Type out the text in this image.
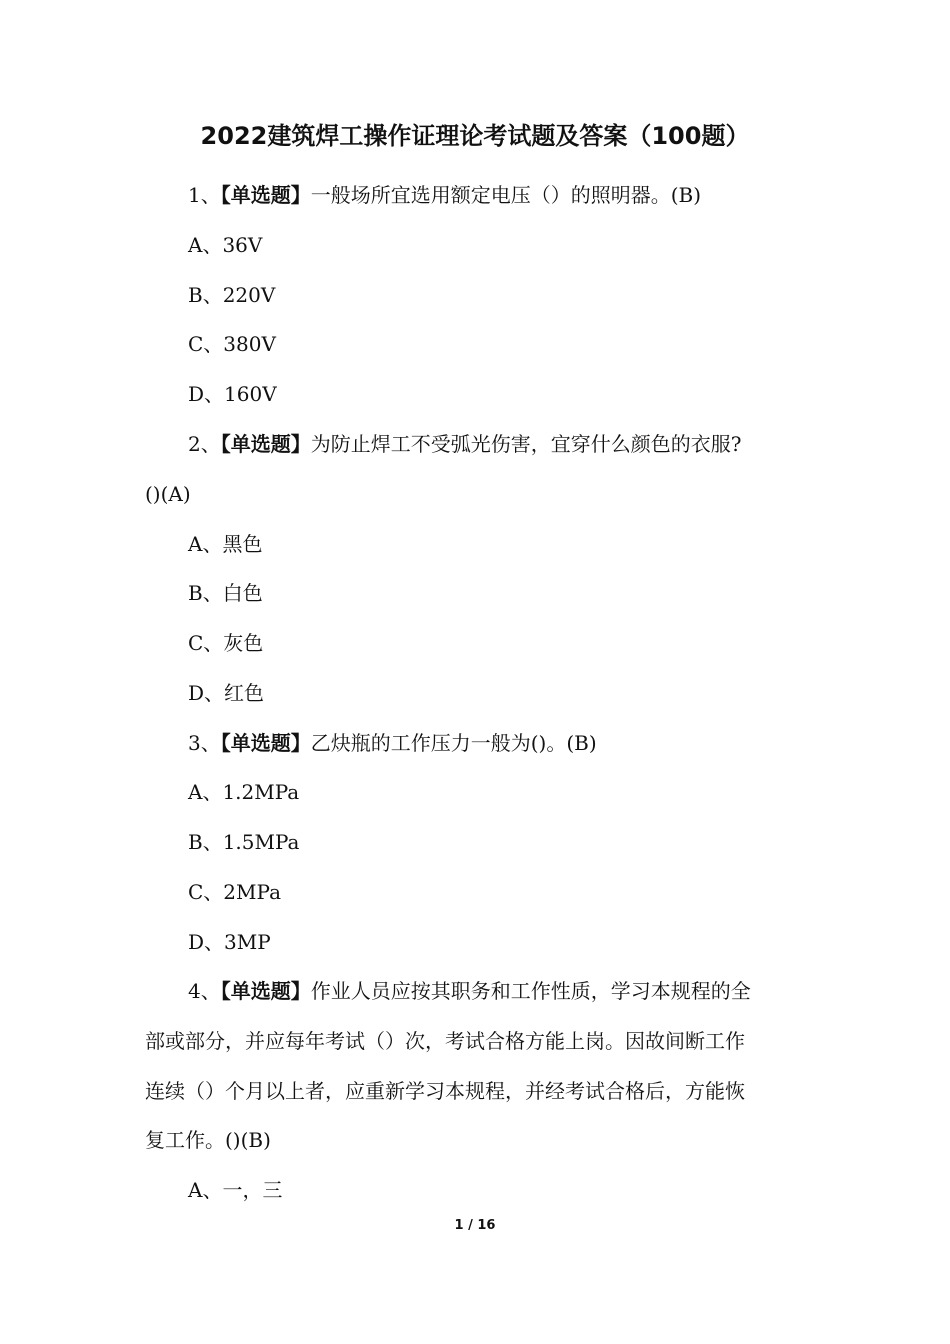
2022建筑焊工操作证理论考试题及答案（100题）

1、【单选题】一般场所宜选用额定电压（）的照明器。(B)

A、36V

B、220V

C、380V

D、160V

2、【单选题】为防止焊工不受弧光伤害，宜穿什么颜色的衣服?

()(A)

A、黑色

B、白色

C、灰色

D、红色

3、【单选题】乙炔瓶的工作压力一般为()。(B)

A、1.2MPa

B、1.5MPa

C、2MPa

D、3MP

4、【单选题】作业人员应按其职务和工作性质，学习本规程的全

部或部分，并应每年考试（）次，考试合格方能上岗。因故间断工作

连续（）个月以上者，应重新学习本规程，并经考试合格后，方能恢

复工作。()(B)

A、一，三

1 / 16
